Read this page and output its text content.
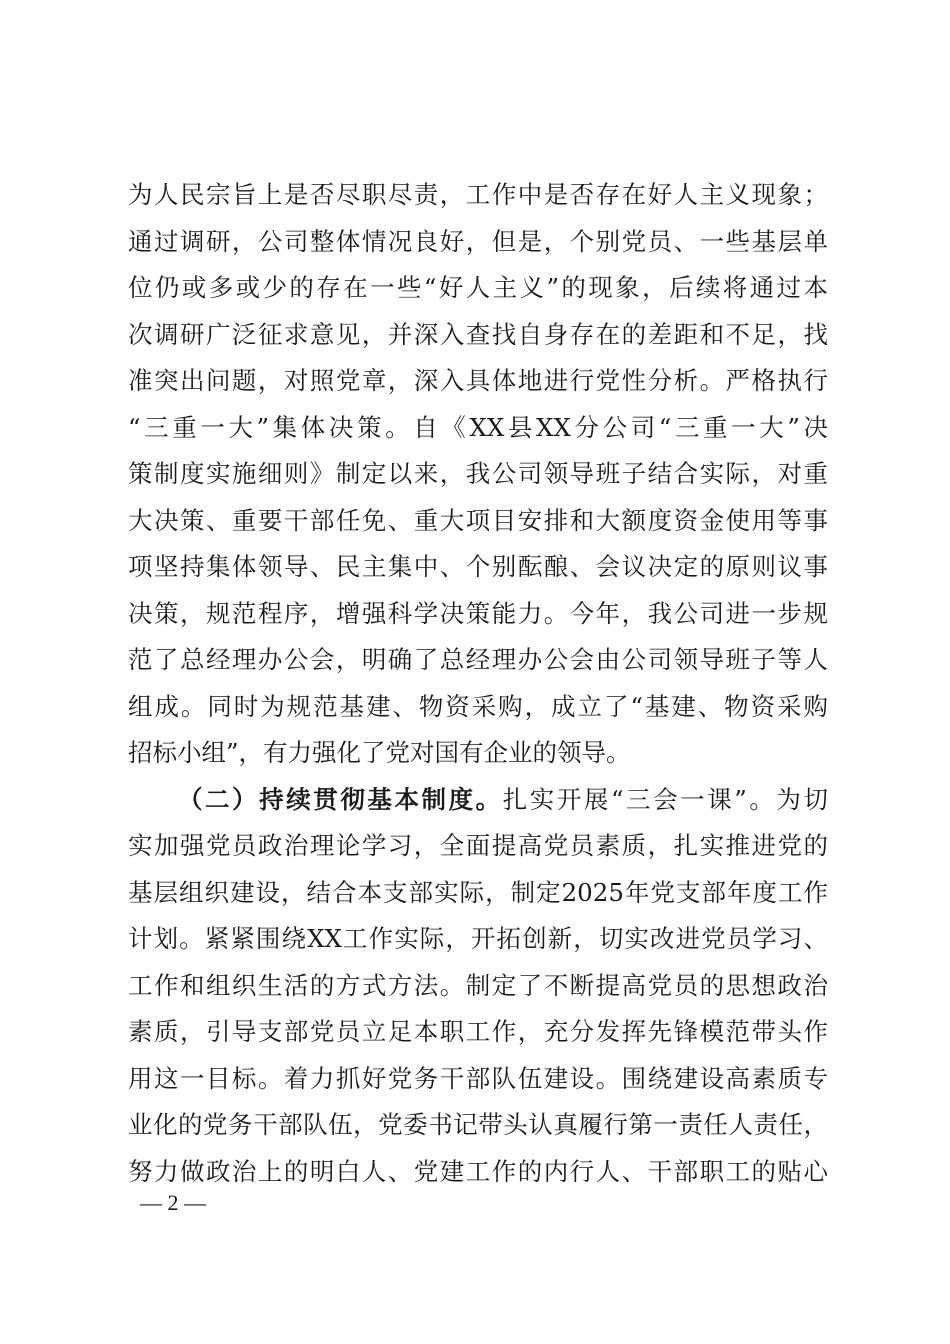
为人民宗旨上是否尽职尽责，工作中是否存在好人主义现象；
通过调研，公司整体情况良好，但是，个别党员、一些基层单
位仍或多或少的存在一些“好人主义”的现象，后续将通过本
次调研广泛征求意见，并深入查找自身存在的差距和不足，找
准突出问题，对照党章，深入具体地进行党性分析。严格执行
“三重一大”集体决策。自《XX县XX分公司“三重一大”决
策制度实施细则》制定以来，我公司领导班子结合实际，对重
大决策、重要干部任免、重大项目安排和大额度资金使用等事
项坚持集体领导、民主集中、个别酝酿、会议决定的原则议事
决策，规范程序，增强科学决策能力。今年，我公司进一步规
范了总经理办公会，明确了总经理办公会由公司领导班子等人
组成。同时为规范基建、物资采购，成立了“基建、物资采购
招标小组”，有力强化了党对国有企业的领导。
（二）持续贯彻基本制度。扎实开展“三会一课”。为切
实加强党员政治理论学习，全面提高党员素质，扎实推进党的
基层组织建设，结合本支部实际，制定2025年党支部年度工作
计划。紧紧围绕XX工作实际，开拓创新，切实改进党员学习、
工作和组织生活的方式方法。制定了不断提高党员的思想政治
素质，引导支部党员立足本职工作，充分发挥先锋模范带头作
用这一目标。着力抓好党务干部队伍建设。围绕建设高素质专
业化的党务干部队伍，党委书记带头认真履行第一责任人责任，
努力做政治上的明白人、党建工作的内行人、干部职工的贴心
— 2 —
